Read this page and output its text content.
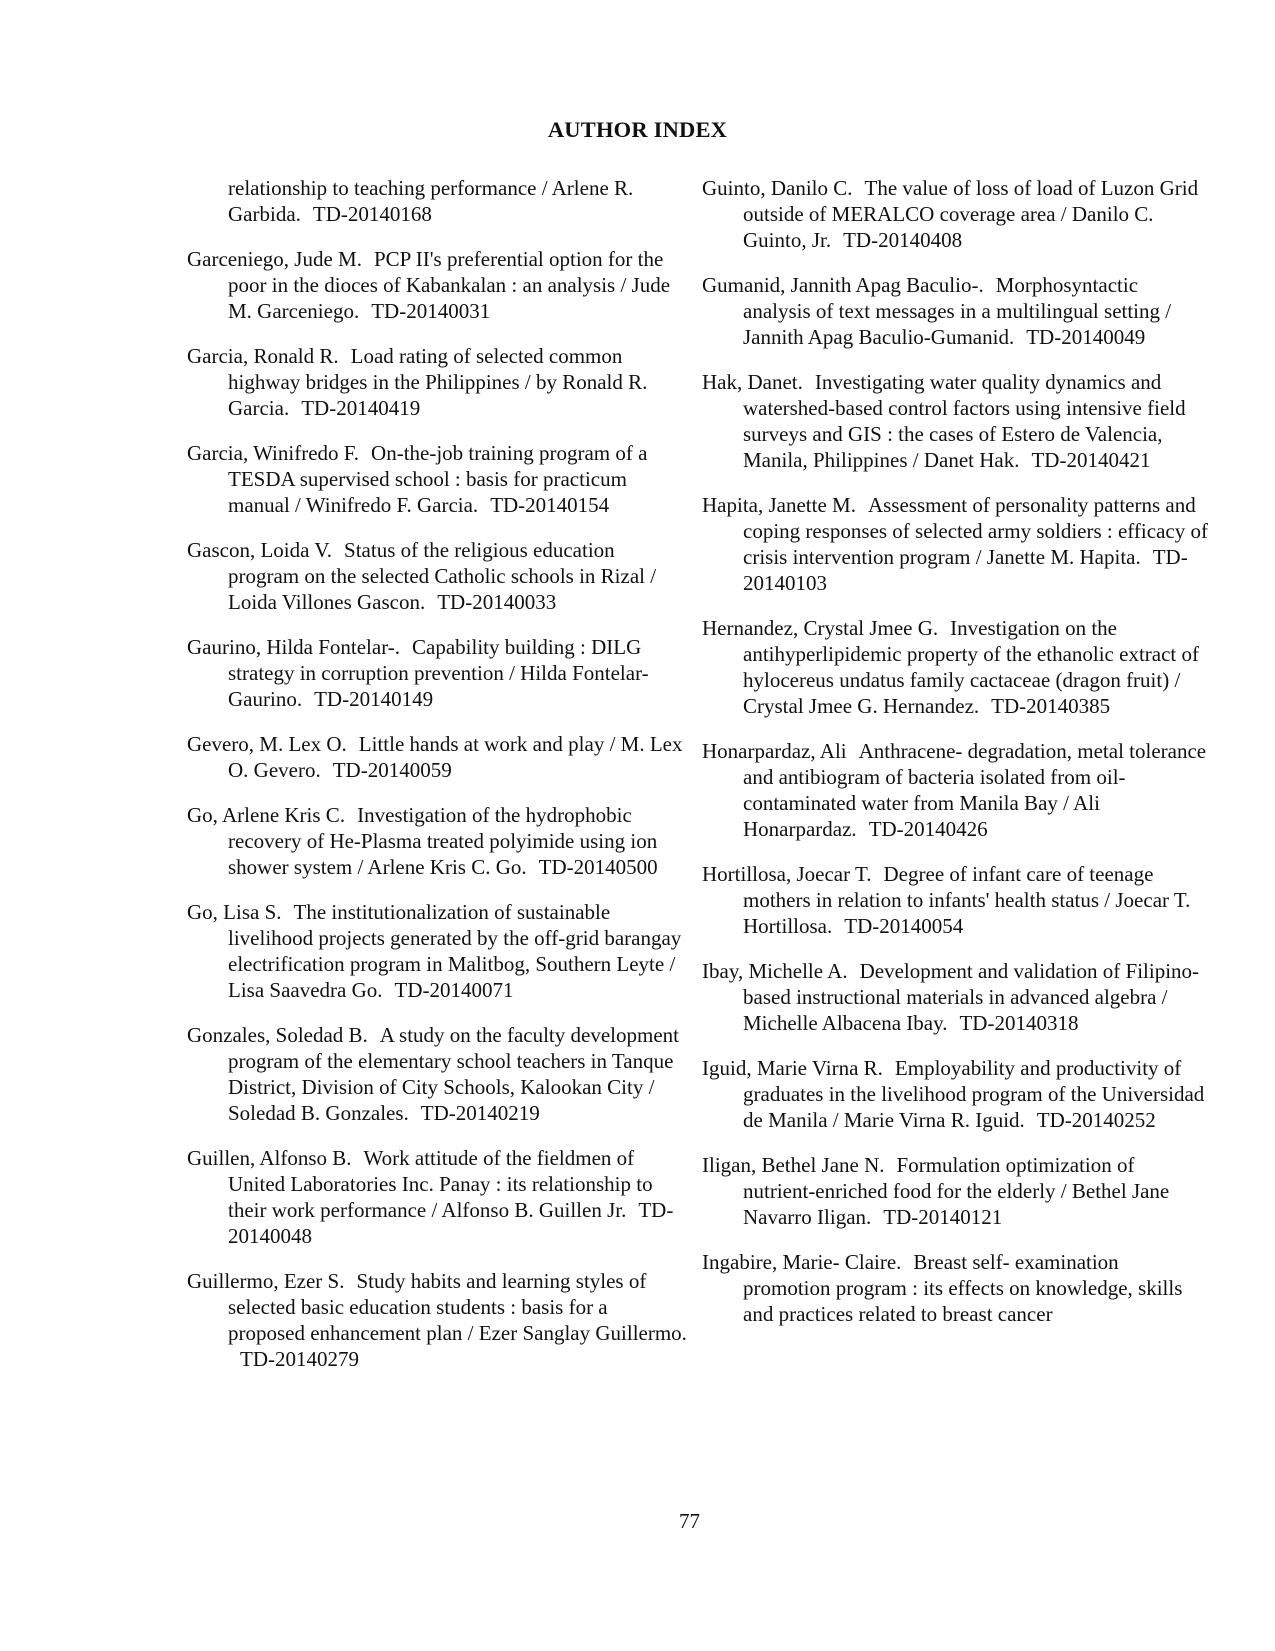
AUTHOR INDEX

relationship to teaching performance / Arlene R. Garbida. TD-20140168

Garceniego, Jude M. PCP II's preferential option for the poor in the dioces of Kabankalan : an analysis / Jude M. Garceniego. TD-20140031

Garcia, Ronald R. Load rating of selected common highway bridges in the Philippines / by Ronald R. Garcia. TD-20140419

Garcia, Winifredo F. On-the-job training program of a TESDA supervised school : basis for practicum manual / Winifredo F. Garcia. TD-20140154

Gascon, Loida V. Status of the religious education program on the selected Catholic schools in Rizal / Loida Villones Gascon. TD-20140033

Gaurino, Hilda Fontelar-. Capability building : DILG strategy in corruption prevention / Hilda Fontelar-Gaurino. TD-20140149

Gevero, M. Lex O. Little hands at work and play / M. Lex O. Gevero. TD-20140059

Go, Arlene Kris C. Investigation of the hydrophobic recovery of He-Plasma treated polyimide using ion shower system / Arlene Kris C. Go. TD-20140500

Go, Lisa S. The institutionalization of sustainable livelihood projects generated by the off-grid barangay electrification program in Malitbog, Southern Leyte / Lisa Saavedra Go. TD-20140071

Gonzales, Soledad B. A study on the faculty development program of the elementary school teachers in Tanque District, Division of City Schools, Kalookan City / Soledad B. Gonzales. TD-20140219

Guillen, Alfonso B. Work attitude of the fieldmen of United Laboratories Inc. Panay : its relationship to their work performance / Alfonso B. Guillen Jr. TD-20140048

Guillermo, Ezer S. Study habits and learning styles of selected basic education students : basis for a proposed enhancement plan / Ezer Sanglay Guillermo.TD-20140279

Guinto, Danilo C. The value of loss of load of Luzon Grid outside of MERALCO coverage area / Danilo C. Guinto, Jr. TD-20140408

Gumanid, Jannith Apag Baculio-. Morphosyntactic analysis of text messages in a multilingual setting / Jannith Apag Baculio-Gumanid. TD-20140049

Hak, Danet. Investigating water quality dynamics and watershed-based control factors using intensive field surveys and GIS : the cases of Estero de Valencia, Manila, Philippines / Danet Hak. TD-20140421

Hapita, Janette M. Assessment of personality patterns and coping responses of selected army soldiers : efficacy of crisis intervention program / Janette M. Hapita. TD-20140103

Hernandez, Crystal Jmee G. Investigation on the antihyperlipidemic property of the ethanolic extract of hylocereus undatus family cactaceae (dragon fruit) / Crystal Jmee G. Hernandez. TD-20140385

Honarpardaz, Ali Anthracene- degradation, metal tolerance and antibiogram of bacteria isolated from oil- contaminated water from Manila Bay / Ali Honarpardaz. TD-20140426

Hortillosa, Joecar T. Degree of infant care of teenage mothers in relation to infants' health status / Joecar T. Hortillosa. TD-20140054

Ibay, Michelle A. Development and validation of Filipino-based instructional materials in advanced algebra / Michelle Albacena Ibay. TD-20140318

Iguid, Marie Virna R. Employability and productivity of graduates in the livelihood program of the Universidad de Manila / Marie Virna R. Iguid. TD-20140252

Iligan, Bethel Jane N. Formulation optimization of nutrient-enriched food for the elderly / Bethel Jane Navarro Iligan. TD-20140121

Ingabire, Marie- Claire. Breast self- examination promotion program : its effects on knowledge, skills and practices related to breast cancer

77
